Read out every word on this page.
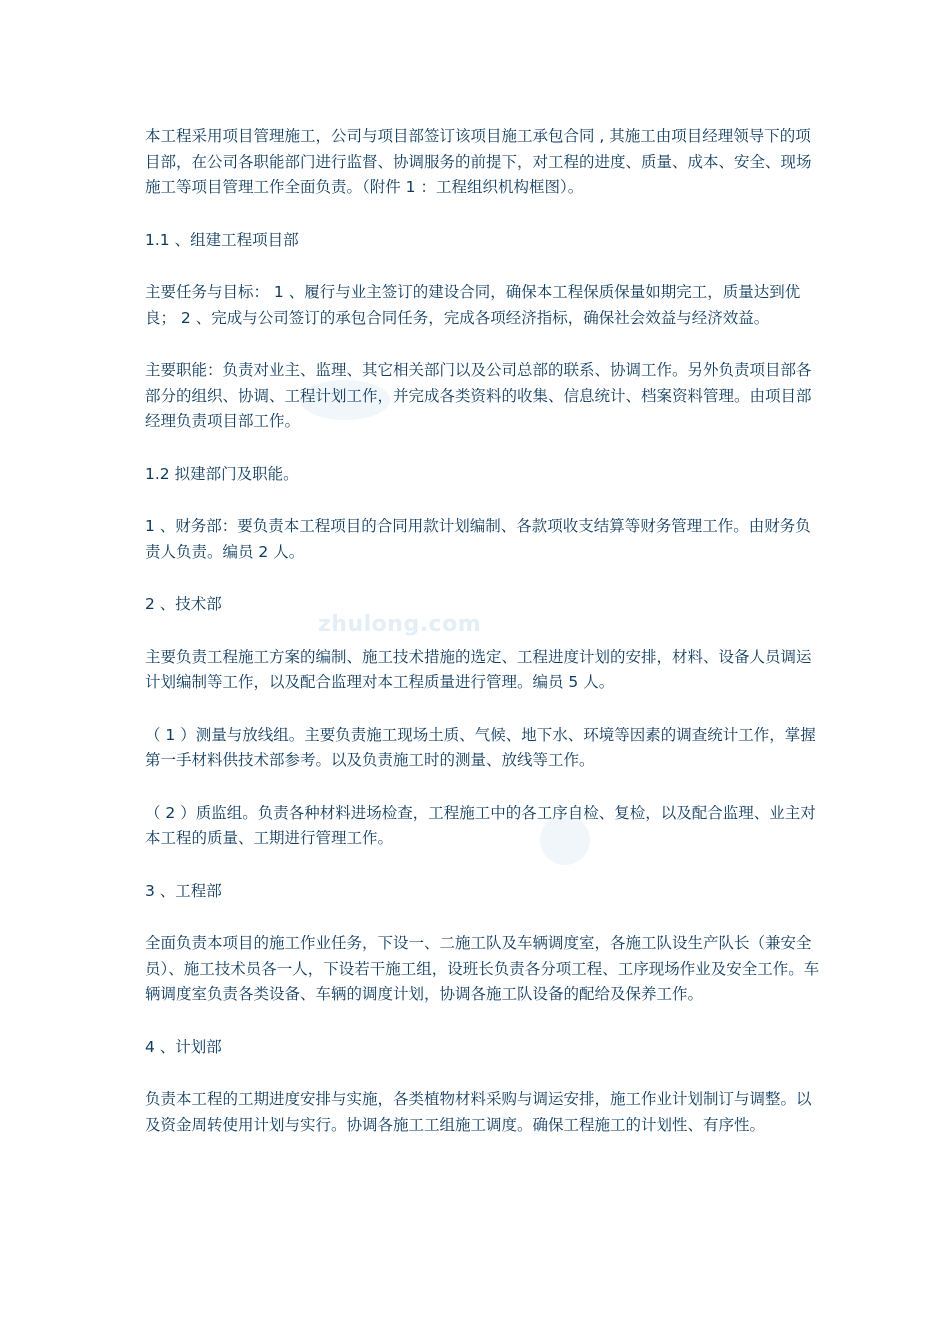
zhulong.com

本工程采用项目管理施工，公司与项目部签订该项目施工承包合同 , 其施工由项目经理领导下的项目部，在公司各职能部门进行监督、协调服务的前提下，对工程的进度、质量、成本、安全、现场施工等项目管理工作全面负责。（附件 1 ：工程组织机构框图）。

1.1 、组建工程项目部

主要任务与目标： 1 、履行与业主签订的建设合同，确保本工程保质保量如期完工，质量达到优良； 2 、完成与公司签订的承包合同任务，完成各项经济指标，确保社会效益与经济效益。

主要职能：负责对业主、监理、其它相关部门以及公司总部的联系、协调工作。另外负责项目部各部分的组织、协调、工程计划工作，并完成各类资料的收集、信息统计、档案资料管理。由项目部经理负责项目部工作。

1.2 拟建部门及职能。

1 、财务部：要负责本工程项目的合同用款计划编制、各款项收支结算等财务管理工作。由财务负责人负责。编员 2 人。

2 、技术部

主要负责工程施工方案的编制、施工技术措施的选定、工程进度计划的安排，材料、设备人员调运计划编制等工作，以及配合监理对本工程质量进行管理。编员 5 人。

（ 1 ）测量与放线组。主要负责施工现场土质、气候、地下水、环境等因素的调查统计工作，掌握第一手材料供技术部参考。以及负责施工时的测量、放线等工作。

（ 2 ）质监组。负责各种材料进场检查，工程施工中的各工序自检、复检，以及配合监理、业主对本工程的质量、工期进行管理工作。

3 、工程部

全面负责本项目的施工作业任务，下设一、二施工队及车辆调度室，各施工队设生产队长（兼安全员）、施工技术员各一人，下设若干施工组，设班长负责各分项工程、工序现场作业及安全工作。车辆调度室负责各类设备、车辆的调度计划，协调各施工队设备的配给及保养工作。

4 、计划部

负责本工程的工期进度安排与实施，各类植物材料采购与调运安排，施工作业计划制订与调整。以及资金周转使用计划与实行。协调各施工工组施工调度。确保工程施工的计划性、有序性。
